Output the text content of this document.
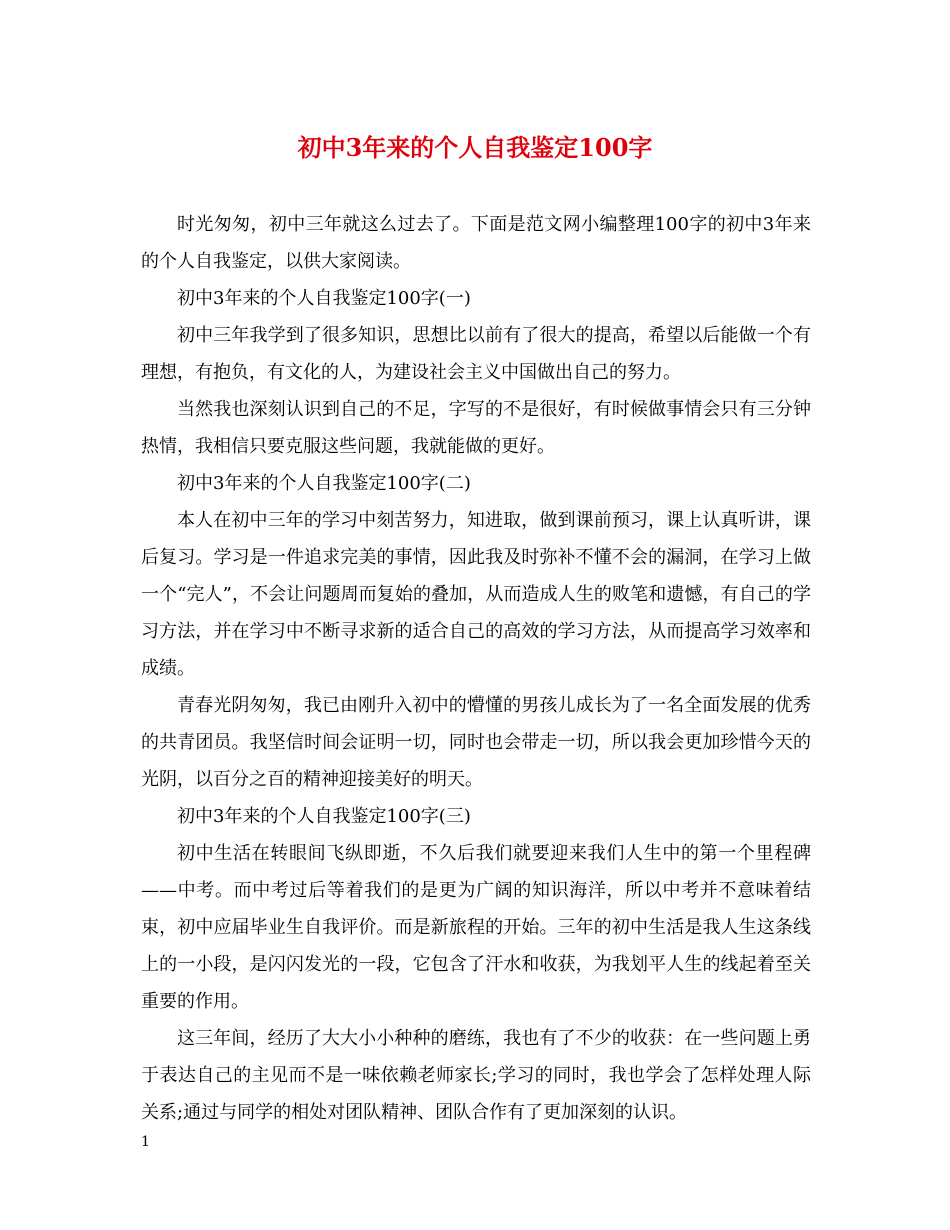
初中3年来的个人自我鉴定100字

时光匆匆，初中三年就这么过去了。下面是范文网小编整理100字的初中3年来的个人自我鉴定，以供大家阅读。

初中3年来的个人自我鉴定100字(一)

初中三年我学到了很多知识，思想比以前有了很大的提高，希望以后能做一个有理想，有抱负，有文化的人，为建设社会主义中国做出自己的努力。

当然我也深刻认识到自己的不足，字写的不是很好，有时候做事情会只有三分钟热情，我相信只要克服这些问题，我就能做的更好。

初中3年来的个人自我鉴定100字(二)

本人在初中三年的学习中刻苦努力，知进取，做到课前预习，课上认真听讲，课后复习。学习是一件追求完美的事情，因此我及时弥补不懂不会的漏洞，在学习上做一个“完人”，不会让问题周而复始的叠加，从而造成人生的败笔和遗憾，有自己的学习方法，并在学习中不断寻求新的适合自己的高效的学习方法，从而提高学习效率和成绩。

青春光阴匆匆，我已由刚升入初中的懵懂的男孩儿成长为了一名全面发展的优秀的共青团员。我坚信时间会证明一切，同时也会带走一切，所以我会更加珍惜今天的光阴，以百分之百的精神迎接美好的明天。

初中3年来的个人自我鉴定100字(三)

初中生活在转眼间飞纵即逝，不久后我们就要迎来我们人生中的第一个里程碑——中考。而中考过后等着我们的是更为广阔的知识海洋，所以中考并不意味着结束，初中应届毕业生自我评价。而是新旅程的开始。三年的初中生活是我人生这条线上的一小段，是闪闪发光的一段，它包含了汗水和收获，为我划平人生的线起着至关重要的作用。

这三年间，经历了大大小小种种的磨练，我也有了不少的收获：在一些问题上勇于表达自己的主见而不是一味依赖老师家长;学习的同时，我也学会了怎样处理人际关系;通过与同学的相处对团队精神、团队合作有了更加深刻的认识。

1
